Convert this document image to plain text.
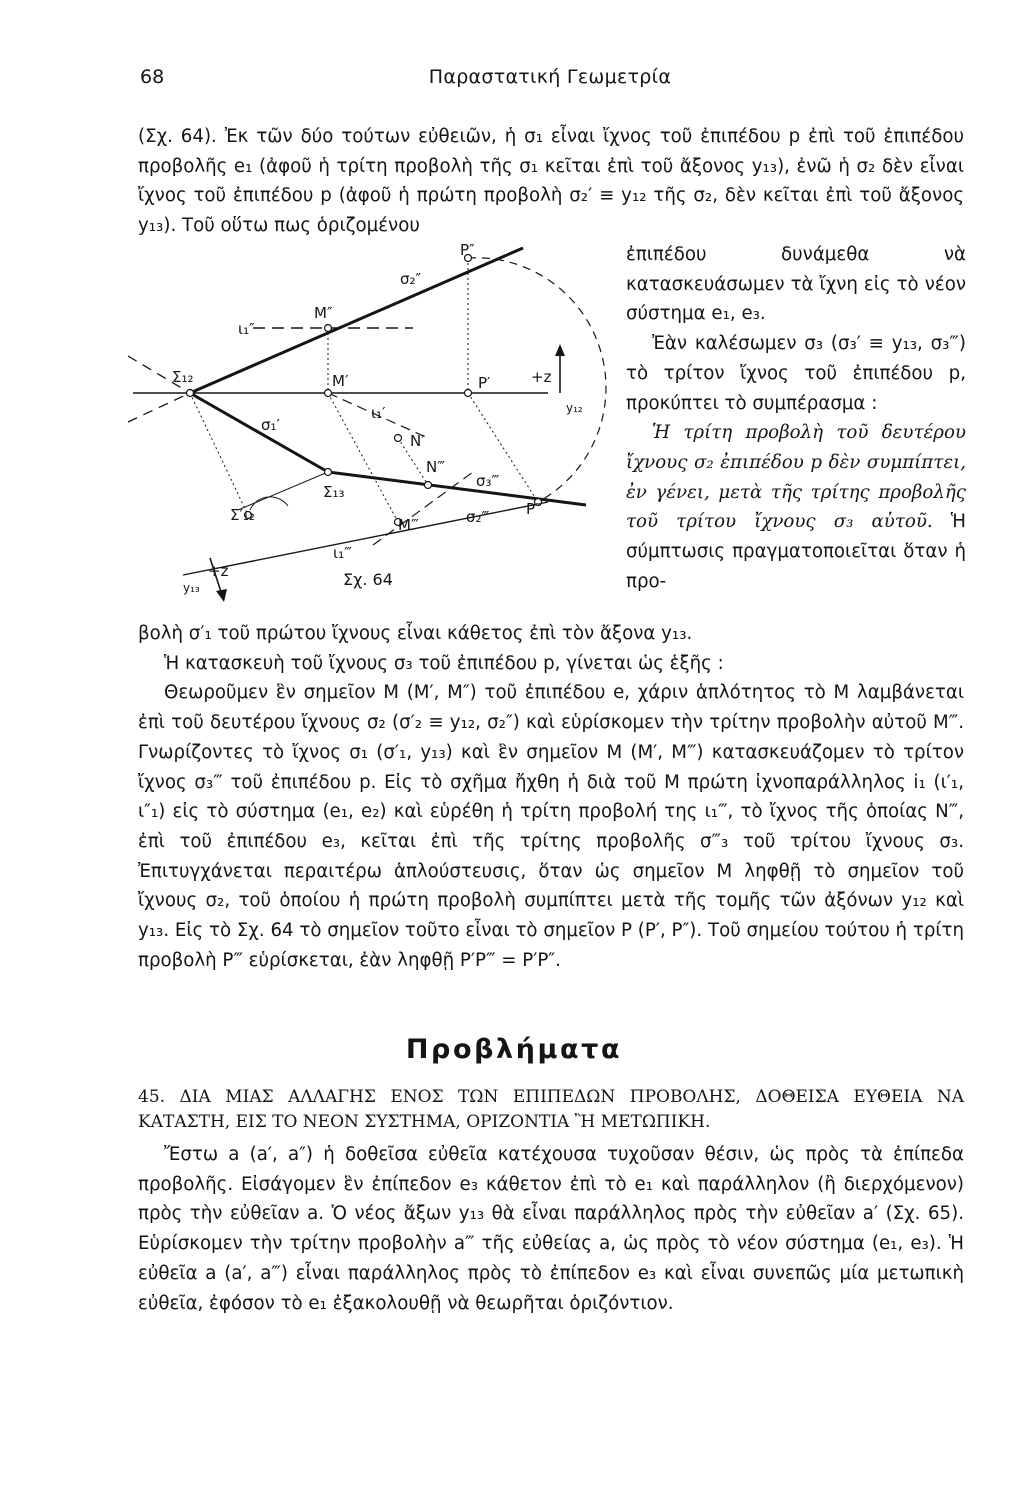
68	Παραστατική Γεωμετρία

(Σχ. 64). Ἐκ τῶν δύο τούτων εὐθειῶν, ἡ σ₁ εἶναι ἴχνος τοῦ ἐπιπέδου p ἐπὶ τοῦ ἐπιπέδου προβολῆς e₁ (ἀφοῦ ἡ τρίτη προβολὴ τῆς σ₁ κεῖται ἐπὶ τοῦ ἄξονος y₁₃), ἐνῶ ἡ σ₂ δὲν εἶναι ἴχνος τοῦ ἐπιπέδου p (ἀφοῦ ἡ πρώτη προβολὴ σ₂′ ≡ y₁₂ τῆς σ₂, δὲν κεῖται ἐπὶ τοῦ ἄξονος y₁₃). Τοῦ οὕτω πως ὁριζομένου

P″
σ₂″
M″
ι₁″
Σ₁₂	M′	P′	+z
y₁₂
σ₁′
ι₁′
N′
N‴
σ₃‴
Σ₁₃
Σ′₁₂
M‴	σ₂‴ P‴
ι₁‴
y₁₃
+z	Σχ. 64

ἐπιπέδου δυνάμεθα νὰ κατασκευάσωμεν τὰ ἴχνη εἰς τὸ νέον σύστημα e₁, e₃.

Ἐὰν καλέσωμεν σ₃ (σ₃′ ≡ y₁₃, σ₃‴) τὸ τρίτον ἴχνος τοῦ ἐπιπέδου p, προκύπτει τὸ συμπέρασμα :

Ἡ τρίτη προβολὴ τοῦ δευτέρου ἴχνους σ₂ ἐπιπέδου p δὲν συμπίπτει, ἐν γένει, μετὰ τῆς τρίτης προβολῆς τοῦ τρίτου ἴχνους σ₃ αὐτοῦ. Ἡ σύμπτωσις πραγματοποιεῖται ὅταν ἡ προ-

βολὴ σ′₁ τοῦ πρώτου ἴχνους εἶναι κάθετος ἐπὶ τὸν ἄξονα y₁₃.

Ἡ κατασκευὴ τοῦ ἴχνους σ₃ τοῦ ἐπιπέδου p, γίνεται ὡς ἑξῆς :

Θεωροῦμεν ἓν σημεῖον M (M′, M″) τοῦ ἐπιπέδου e, χάριν ἁπλότητος τὸ M λαμβάνεται ἐπὶ τοῦ δευτέρου ἴχνους σ₂ (σ′₂ ≡ y₁₂, σ₂″) καὶ εὑρίσκομεν τὴν τρίτην προβολὴν αὐτοῦ M‴. Γνωρίζοντες τὸ ἴχνος σ₁ (σ′₁, y₁₃) καὶ ἓν σημεῖον M (M′, M‴) κατασκευάζομεν τὸ τρίτον ἴχνος σ₃‴ τοῦ ἐπιπέδου p. Εἰς τὸ σχῆμα ἤχθη ἡ διὰ τοῦ M πρώτη ἰχνοπαράλληλος i₁ (ι′₁, ι″₁) εἰς τὸ σύστημα (e₁, e₂) καὶ εὑρέθη ἡ τρίτη προβολή της ι₁‴, τὸ ἴχνος τῆς ὁποίας N‴, ἐπὶ τοῦ ἐπιπέδου e₃, κεῖται ἐπὶ τῆς τρίτης προβολῆς σ‴₃ τοῦ τρίτου ἴχνους σ₃. Ἐπιτυγχάνεται περαιτέρω ἁπλούστευσις, ὅταν ὡς σημεῖον M ληφθῇ τὸ σημεῖον τοῦ ἴχνους σ₂, τοῦ ὁποίου ἡ πρώτη προβολὴ συμπίπτει μετὰ τῆς τομῆς τῶν ἀξόνων y₁₂ καὶ y₁₃. Εἰς τὸ Σχ. 64 τὸ σημεῖον τοῦτο εἶναι τὸ σημεῖον P (P′, P″). Τοῦ σημείου τούτου ἡ τρίτη προβολὴ P‴ εὑρίσκεται, ἐὰν ληφθῇ P′P‴ = P′P″.

Προβλήματα
45. ΔΙΑ ΜΙΑΣ ΑΛΛΑΓΗΣ ΕΝΟΣ ΤΩΝ ΕΠΙΠΕΔΩΝ ΠΡΟΒΟΛΗΣ, ΔΟΘΕΙΣΑ ΕΥΘΕΙΑ ΝΑ ΚΑΤΑΣΤΗ, ΕΙΣ ΤΟ ΝΕΟΝ ΣΥΣΤΗΜΑ, ΟΡΙΖΟΝΤΙΑ Ἢ ΜΕΤΩΠΙΚΗ.

Ἔστω a (a′, a″) ἡ δοθεῖσα εὐθεῖα κατέχουσα τυχοῦσαν θέσιν, ὡς πρὸς τὰ ἐπίπεδα προβολῆς. Εἰσάγομεν ἓν ἐπίπεδον e₃ κάθετον ἐπὶ τὸ e₁ καὶ παράλληλον (ἢ διερχόμενον) πρὸς τὴν εὐθεῖαν a. Ὁ νέος ἄξων y₁₃ θὰ εἶναι παράλληλος πρὸς τὴν εὐθεῖαν a′ (Σχ. 65). Εὑρίσκομεν τὴν τρίτην προβολὴν a‴ τῆς εὐθείας a, ὡς πρὸς τὸ νέον σύστημα (e₁, e₃). Ἡ εὐθεῖα a (a′, a‴) εἶναι παράλληλος πρὸς τὸ ἐπίπεδον e₃ καὶ εἶναι συνεπῶς μία μετωπικὴ εὐθεῖα, ἐφόσον τὸ e₁ ἐξακολουθῇ νὰ θεωρῆται ὁριζόντιον.
